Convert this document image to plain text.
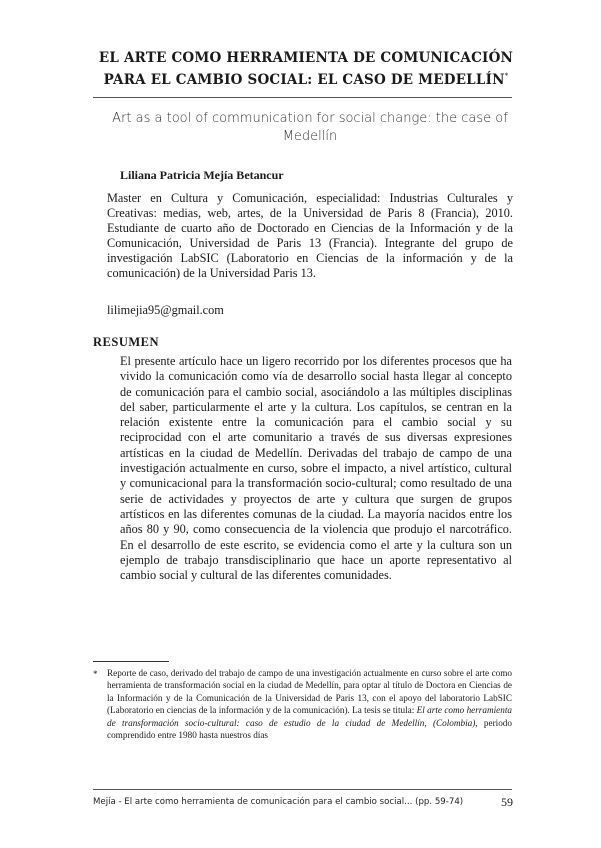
EL ARTE COMO HERRAMIENTA DE COMUNICACIÓN
PARA EL CAMBIO SOCIAL: EL CASO DE MEDELLÍN*
Art as a tool of communication for social change: the case of Medellín
Liliana Patricia Mejía Betancur
Master en Cultura y Comunicación, especialidad: Industrias Culturales y Creativas: medias, web, artes, de la Universidad de Paris 8 (Francia), 2010. Estudiante de cuarto año de Doctorado en Ciencias de la Información y de la Comunicación, Universidad de Paris 13 (Francia). Integrante del grupo de investigación LabSIC (Laboratorio en Ciencias de la información y de la comunicación) de la Universidad Paris 13.
lilimejia95@gmail.com
RESUMEN
El presente artículo hace un ligero recorrido por los diferentes procesos que ha vivido la comunicación como vía de desarrollo social hasta llegar al concepto de comunicación para el cambio social, asociándolo a las múltiples disciplinas del saber, particularmente el arte y la cultura. Los capítulos, se centran en la relación existente entre la comunicación para el cambio social y su reciprocidad con el arte comunitario a través de sus diversas expresiones artísticas en la ciudad de Medellín. Derivadas del trabajo de campo de una investigación actualmente en curso, sobre el impacto, a nivel artístico, cultural y comunicacional para la transformación socio-cultural; como resultado de una serie de actividades y proyectos de arte y cultura que surgen de grupos artísticos en las diferentes comunas de la ciudad. La mayoría nacidos entre los años 80 y 90, como consecuencia de la violencia que produjo el narcotráfico. En el desarrollo de este escrito, se evidencia como el arte y la cultura son un ejemplo de trabajo transdisciplinario que hace un aporte representativo al cambio social y cultural de las diferentes comunidades.
* Reporte de caso, derivado del trabajo de campo de una investigación actualmente en curso sobre el arte como herramienta de transformación social en la ciudad de Medellín, para optar al título de Doctora en Ciencias de la Información y de la Comunicación de la Universidad de Paris 13, con el apoyo del laboratorio LabSIC (Laboratorio en ciencias de la información y de la comunicación). La tesis se titula: El arte como herramienta de transformación socio-cultural: caso de estudio de la ciudad de Medellín, (Colombia), periodo comprendido entre 1980 hasta nuestros días
Mejía - El arte como herramienta de comunicación para el cambio social... (pp. 59-74)	59
